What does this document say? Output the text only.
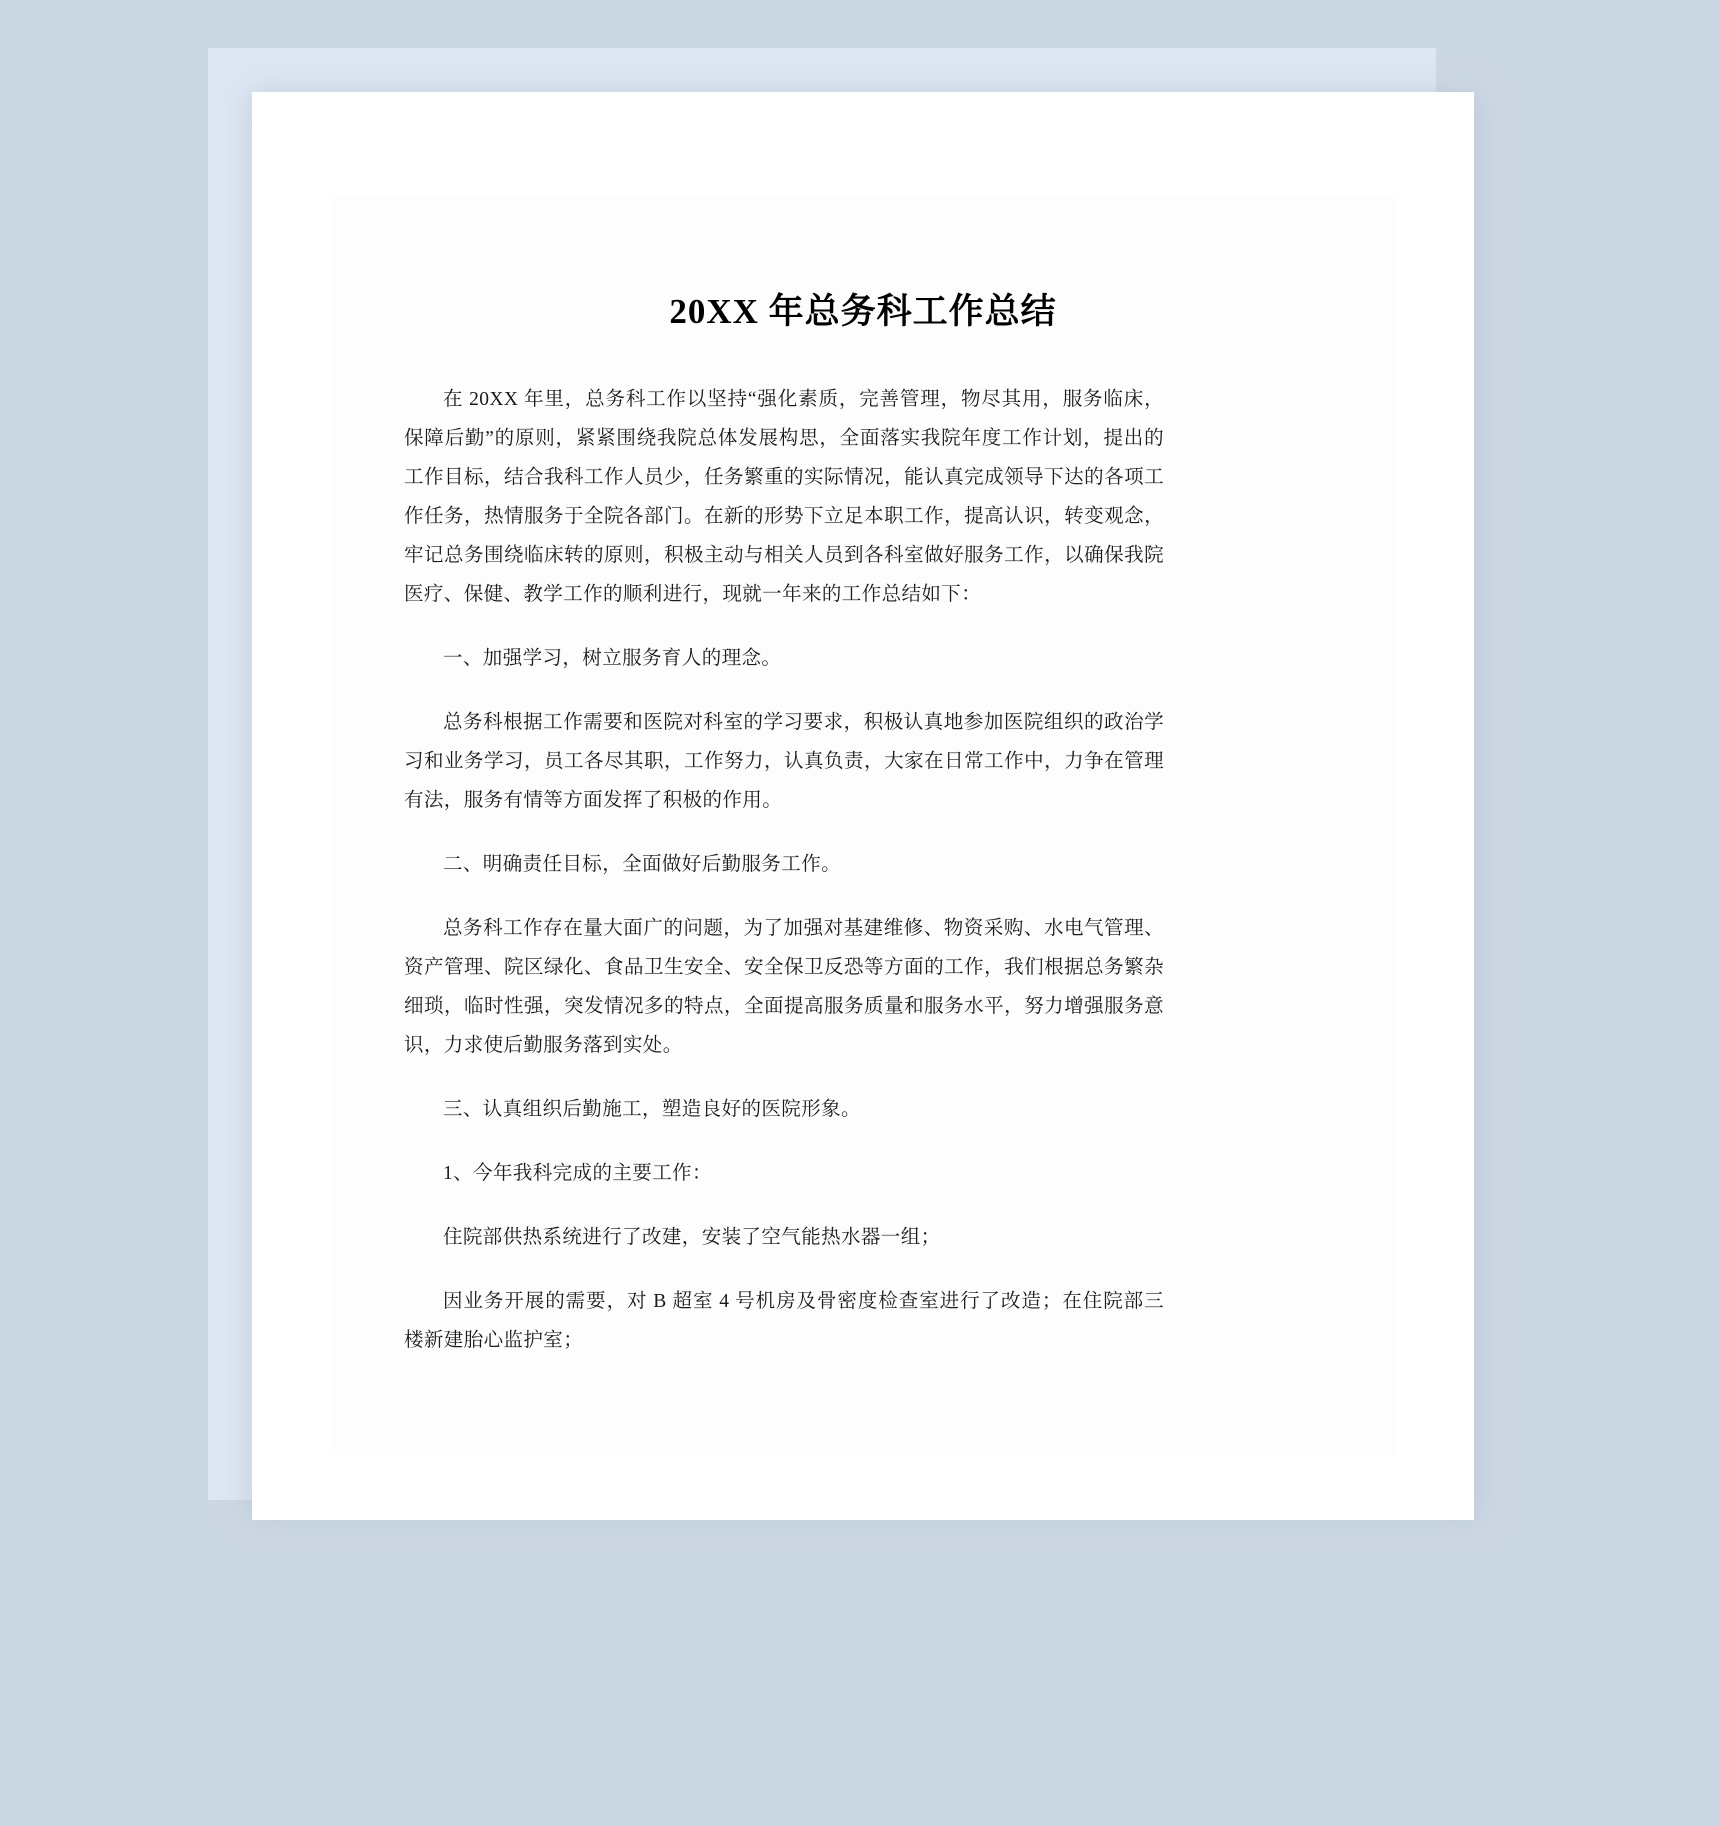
20XX 年总务科工作总结

在 20XX 年里，总务科工作以坚持“强化素质，完善管理，物尽其用，服务临床，保障后勤”的原则，紧紧围绕我院总体发展构思，全面落实我院年度工作计划，提出的工作目标，结合我科工作人员少，任务繁重的实际情况，能认真完成领导下达的各项工作任务，热情服务于全院各部门。在新的形势下立足本职工作，提高认识，转变观念，牢记总务围绕临床转的原则，积极主动与相关人员到各科室做好服务工作，以确保我院医疗、保健、教学工作的顺利进行，现就一年来的工作总结如下：

一、加强学习，树立服务育人的理念。

总务科根据工作需要和医院对科室的学习要求，积极认真地参加医院组织的政治学习和业务学习，员工各尽其职，工作努力，认真负责，大家在日常工作中，力争在管理有法，服务有情等方面发挥了积极的作用。

二、明确责任目标，全面做好后勤服务工作。

总务科工作存在量大面广的问题，为了加强对基建维修、物资采购、水电气管理、资产管理、院区绿化、食品卫生安全、安全保卫反恐等方面的工作，我们根据总务繁杂细琐，临时性强，突发情况多的特点，全面提高服务质量和服务水平，努力增强服务意识，力求使后勤服务落到实处。

三、认真组织后勤施工，塑造良好的医院形象。

1、今年我科完成的主要工作：

住院部供热系统进行了改建，安装了空气能热水器一组；

因业务开展的需要，对 B 超室 4 号机房及骨密度检查室进行了改造；在住院部三楼新建胎心监护室；
